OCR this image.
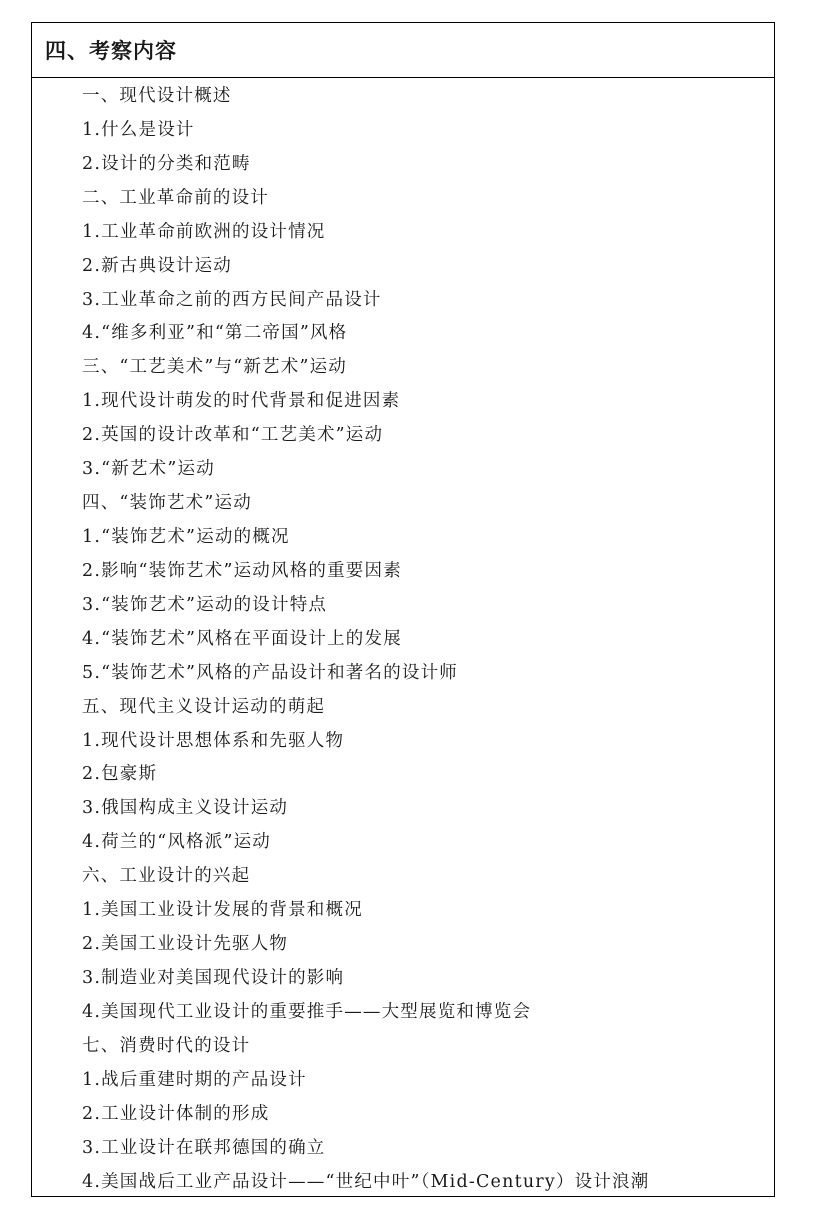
四、考察内容
一、现代设计概述
1.什么是设计
2.设计的分类和范畴
二、工业革命前的设计
1.工业革命前欧洲的设计情况
2.新古典设计运动
3.工业革命之前的西方民间产品设计
4.“维多利亚”和“第二帝国”风格
三、“工艺美术”与“新艺术”运动
1.现代设计萌发的时代背景和促进因素
2.英国的设计改革和“工艺美术”运动
3.“新艺术”运动
四、“装饰艺术”运动
1.“装饰艺术”运动的概况
2.影响“装饰艺术”运动风格的重要因素
3.“装饰艺术”运动的设计特点
4.“装饰艺术”风格在平面设计上的发展
5.“装饰艺术”风格的产品设计和著名的设计师
五、现代主义设计运动的萌起
1.现代设计思想体系和先驱人物
2.包豪斯
3.俄国构成主义设计运动
4.荷兰的“风格派”运动
六、工业设计的兴起
1.美国工业设计发展的背景和概况
2.美国工业设计先驱人物
3.制造业对美国现代设计的影响
4.美国现代工业设计的重要推手——大型展览和博览会
七、消费时代的设计
1.战后重建时期的产品设计
2.工业设计体制的形成
3.工业设计在联邦德国的确立
4.美国战后工业产品设计——“世纪中叶”（Mid-Century）设计浪潮
